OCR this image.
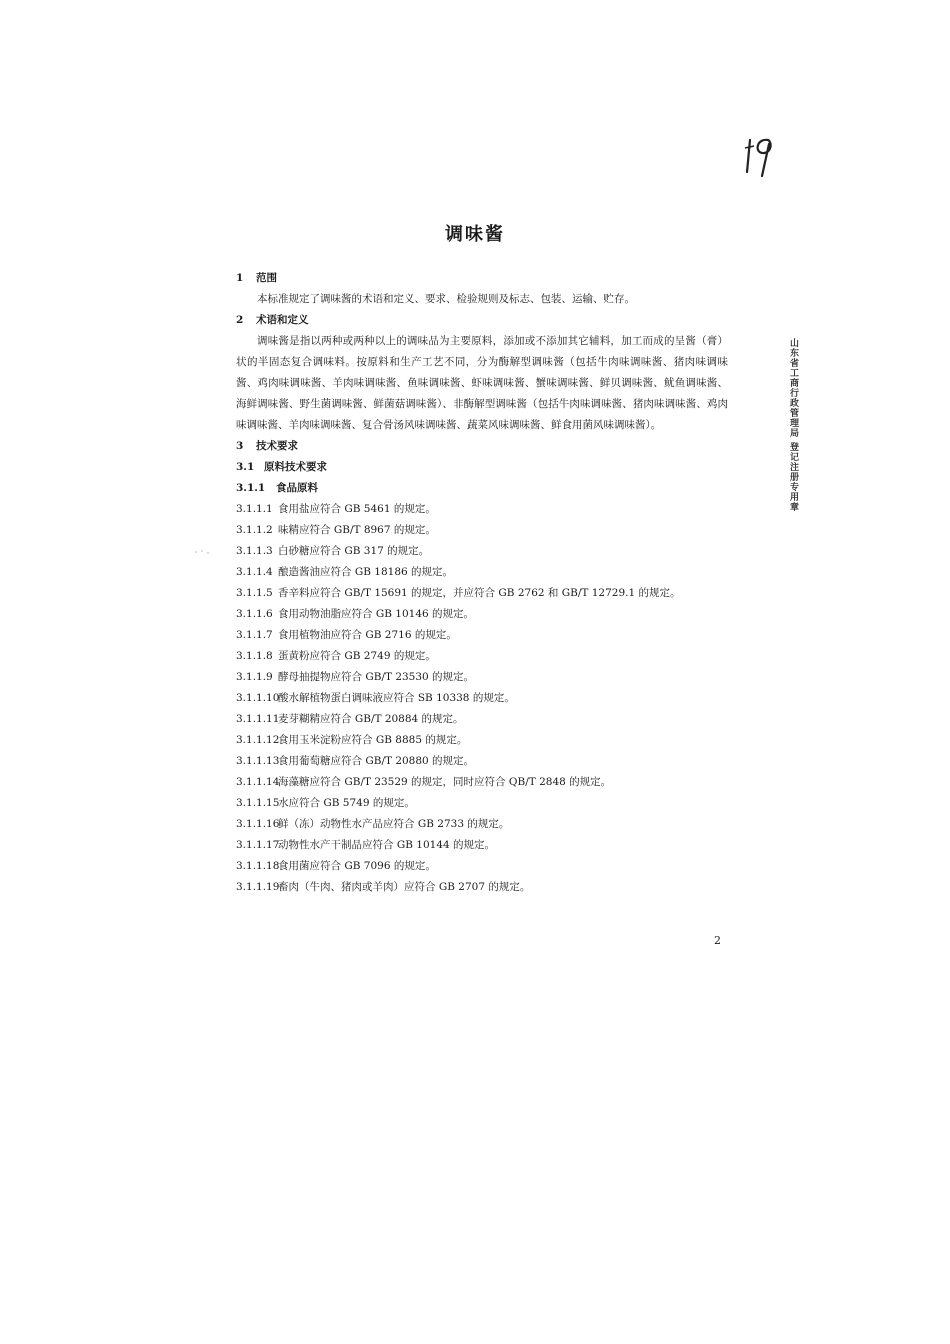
调味酱
1 范围
本标准规定了调味酱的术语和定义、要求、检验规则及标志、包装、运输、贮存。
2 术语和定义
调味酱是指以两种或两种以上的调味品为主要原料，添加或不添加其它辅料，加工而成的呈酱（膏）状的半固态复合调味料。按原料和生产工艺不同，分为酶解型调味酱（包括牛肉味调味酱、猪肉味调味酱、鸡肉味调味酱、羊肉味调味酱、鱼味调味酱、虾味调味酱、蟹味调味酱、鲜贝调味酱、鱿鱼调味酱、海鲜调味酱、野生菌调味酱、鲜菌菇调味酱）、非酶解型调味酱（包括牛肉味调味酱、猪肉味调味酱、鸡肉味调味酱、羊肉味调味酱、复合骨汤风味调味酱、蔬菜风味调味酱、鲜食用菌风味调味酱）。
3 技术要求
3.1 原料技术要求
3.1.1 食品原料
3.1.1.1 食用盐应符合 GB 5461 的规定。
3.1.1.2 味精应符合 GB/T 8967 的规定。
3.1.1.3 白砂糖应符合 GB 317 的规定。
3.1.1.4 酿造酱油应符合 GB 18186 的规定。
3.1.1.5 香辛料应符合 GB/T 15691 的规定，并应符合 GB 2762 和 GB/T 12729.1 的规定。
3.1.1.6 食用动物油脂应符合 GB 10146 的规定。
3.1.1.7 食用植物油应符合 GB 2716 的规定。
3.1.1.8 蛋黄粉应符合 GB 2749 的规定。
3.1.1.9 酵母抽提物应符合 GB/T 23530 的规定。
3.1.1.10酸水解植物蛋白调味液应符合 SB 10338 的规定。
3.1.1.11麦芽糊精应符合 GB/T 20884 的规定。
3.1.1.12食用玉米淀粉应符合 GB 8885 的规定。
3.1.1.13食用葡萄糖应符合 GB/T 20880 的规定。
3.1.1.14海藻糖应符合 GB/T 23529 的规定，同时应符合 QB/T 2848 的规定。
3.1.1.15水应符合 GB 5749 的规定。
3.1.1.16鲜（冻）动物性水产品应符合 GB 2733 的规定。
3.1.1.17动物性水产干制品应符合 GB 10144 的规定。
3.1.1.18食用菌应符合 GB 7096 的规定。
3.1.1.19畜肉（牛肉、猪肉或羊肉）应符合 GB 2707 的规定。
山东省工商行政管理局 登记注册专用章
2
